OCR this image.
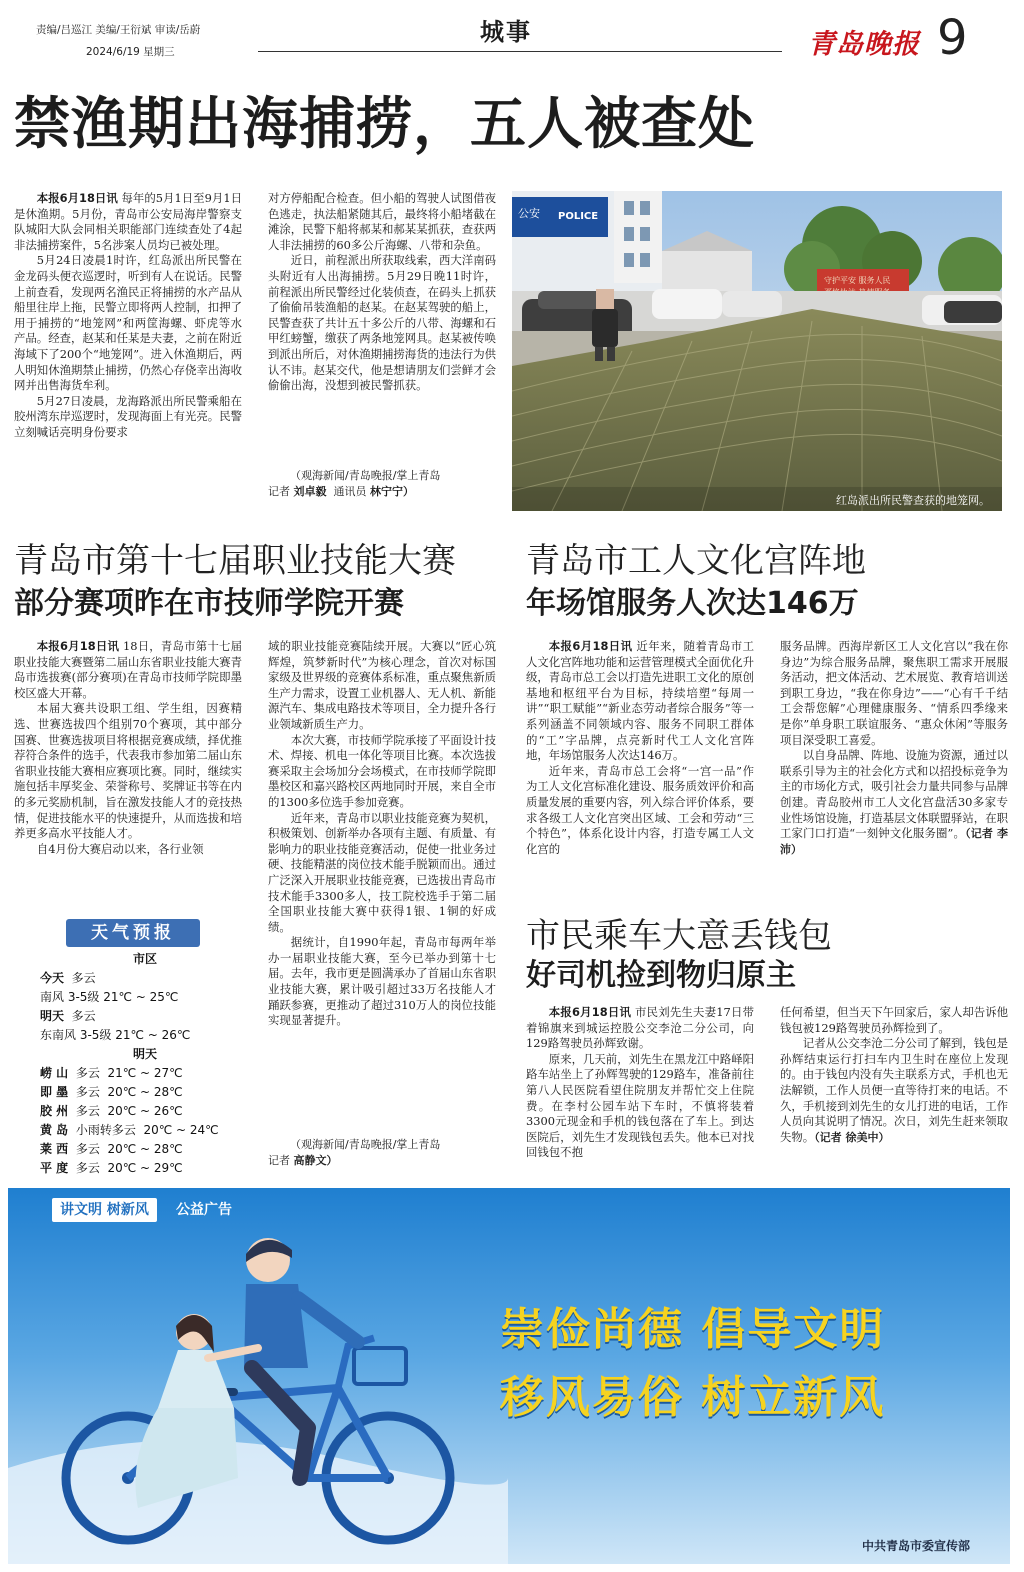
责编/吕巡江 美编/王衍斌 审读/岳蔚
2024/6/19 星期三
城事	青岛晚报 9
禁渔期出海捕捞，五人被查处

本报6月18日讯 每年的5月1日至9月1日是休渔期。5月份，青岛市公安局海岸警察支队城阳大队会同相关职能部门连续查处了4起非法捕捞案件，5名涉案人员均已被处理。

5月24日凌晨1时许，红岛派出所民警在金龙码头便衣巡逻时，听到有人在说话。民警上前查看，发现两名渔民正将捕捞的水产品从船里往岸上拖，民警立即将两人控制，扣押了用于捕捞的“地笼网”和两筐海螺、虾虎等水产品。经查，赵某和任某是夫妻，之前在附近海域下了200个“地笼网”。进入休渔期后，两人明知休渔期禁止捕捞，仍然心存侥幸出海收网并出售海货牟利。

5月27日凌晨，龙海路派出所民警乘船在胶州湾东岸巡逻时，发现海面上有光亮。民警立刻喊话亮明身份要求

对方停船配合检查。但小船的驾驶人试图借夜色逃走，执法船紧随其后，最终将小船堵截在滩涂，民警下船将郝某和郝某某抓获，查获两人非法捕捞的60多公斤海螺、八带和杂鱼。

近日，前程派出所获取线索，西大洋南码头附近有人出海捕捞。5月29日晚11时许，前程派出所民警经过化装侦查，在码头上抓获了偷偷吊装渔船的赵某。在赵某驾驶的船上，民警查获了共计五十多公斤的八带、海螺和石甲红螃蟹，缴获了两条地笼网具。赵某被传唤到派出所后，对休渔期捕捞海货的违法行为供认不讳。赵某交代，他是想请朋友们尝鲜才会偷偷出海，没想到被民警抓获。

（观海新闻/青岛晚报/掌上青岛
记者 刘卓毅 通讯员 林宁宁）
公安 POLICE
守护平安 服务人民
红岛派出所民警查获的地笼网。
青岛市第十七届职业技能大赛
部分赛项昨在市技师学院开赛

本报6月18日讯 18日，青岛市第十七届职业技能大赛暨第二届山东省职业技能大赛青岛市选拔赛(部分赛项)在青岛市技师学院即墨校区盛大开幕。

本届大赛共设职工组、学生组，因赛精选、世赛选拔四个组别70个赛项，其中部分国赛、世赛选拔项目将根据竞赛成绩，择优推荐符合条件的选手，代表我市参加第二届山东省职业技能大赛相应赛项比赛。同时，继续实施包括丰厚奖金、荣誉称号、奖牌证书等在内的多元奖励机制，旨在激发技能人才的竞技热情，促进技能水平的快速提升，从而选拔和培养更多高水平技能人才。

自4月份大赛启动以来，各行业领

天气预报
市区
今天 多云
南风 3-5级 21℃ ~ 25℃
明天 多云
东南风 3-5级 21℃ ~ 26℃
明天
崂 山 多云 21℃ ~ 27℃
即 墨 多云 20℃ ~ 28℃
胶 州 多云 20℃ ~ 26℃
黄 岛 小雨转多云 20℃ ~ 24℃
莱 西 多云 20℃ ~ 28℃
平 度 多云 20℃ ~ 29℃

域的职业技能竞赛陆续开展。大赛以“匠心筑辉煌，筑梦新时代”为核心理念，首次对标国家级及世界级的竞赛体系标准，重点聚焦新质生产力需求，设置工业机器人、无人机、新能源汽车、集成电路技术等项目，全力提升各行业领域新质生产力。

本次大赛，市技师学院承接了平面设计技术、焊接、机电一体化等项目比赛。本次选拔赛采取主会场加分会场模式，在市技师学院即墨校区和嘉兴路校区两地同时开展，来自全市的1300多位选手参加竞赛。

近年来，青岛市以职业技能竞赛为契机，积极策划、创新举办各项有主题、有质量、有影响力的职业技能竞赛活动，促使一批业务过硬、技能精湛的岗位技术能手脱颖而出。通过广泛深入开展职业技能竞赛，已选拔出青岛市技术能手3300多人，技工院校选手于第二届全国职业技能大赛中获得1银、1铜的好成绩。

据统计，自1990年起，青岛市每两年举办一届职业技能大赛，至今已举办到第十七届。去年，我市更是圆满承办了首届山东省职业技能大赛，累计吸引超过33万名技能人才踊跃参赛，更推动了超过310万人的岗位技能实现显著提升。

（观海新闻/青岛晚报/掌上青岛
记者 高静文）
青岛市工人文化宫阵地
年场馆服务人次达146万

本报6月18日讯 近年来，随着青岛市工人文化宫阵地功能和运营管理模式全面优化升级，青岛市总工会以打造先进职工文化的原创基地和枢纽平台为目标，持续培塑“每周一讲”“职工赋能”“新业态劳动者综合服务”等一系列涵盖不同领域内容、服务不同职工群体的“工”字品牌，点亮新时代工人文化宫阵地，年场馆服务人次达146万。

近年来，青岛市总工会将“一宫一品”作为工人文化宫标准化建设、服务质效评价和高质量发展的重要内容，列入综合评价体系，要求各级工人文化宫突出区域、工会和劳动“三个特色”，体系化设计内容，打造专属工人文化宫的

服务品牌。西海岸新区工人文化宫以“我在你身边”为综合服务品牌，聚焦职工需求开展服务活动，把文体活动、艺术展览、教育培训送到职工身边，“我在你身边”——“心有千千结 工会帮您解”心理健康服务、“情系四季缘来是你”单身职工联谊服务、“惠众休闲”等服务项目深受职工喜爱。

以自身品牌、阵地、设施为资源，通过以联系引导为主的社会化方式和以招投标竞争为主的市场化方式，吸引社会力量共同参与品牌创建。青岛胶州市工人文化宫盘活30多家专业性场馆设施，打造基层文体联盟驿站，在职工家门口打造“一刻钟文化服务圈”。（记者 李沛）

市民乘车大意丢钱包
好司机捡到物归原主

本报6月18日讯 市民刘先生夫妻17日带着锦旗来到城运控股公交李沧二分公司，向129路驾驶员孙辉致谢。

原来，几天前，刘先生在黑龙江中路峄阳路车站坐上了孙辉驾驶的129路车，准备前往第八人民医院看望住院朋友并帮忙交上住院费。在李村公园车站下车时，不慎将装着3300元现金和手机的钱包落在了车上。到达医院后，刘先生才发现钱包丢失。他本已对找回钱包不抱

任何希望，但当天下午回家后，家人却告诉他钱包被129路驾驶员孙辉捡到了。

记者从公交李沧二分公司了解到，钱包是孙辉结束运行打扫车内卫生时在座位上发现的。由于钱包内没有失主联系方式，手机也无法解锁，工作人员便一直等待打来的电话。不久，手机接到刘先生的女儿打进的电话，工作人员向其说明了情况。次日，刘先生赶来领取失物。（记者 徐美中）

讲文明 树新风	公益广告
崇俭尚德 倡导文明
移风易俗 树立新风
中共青岛市委宣传部
